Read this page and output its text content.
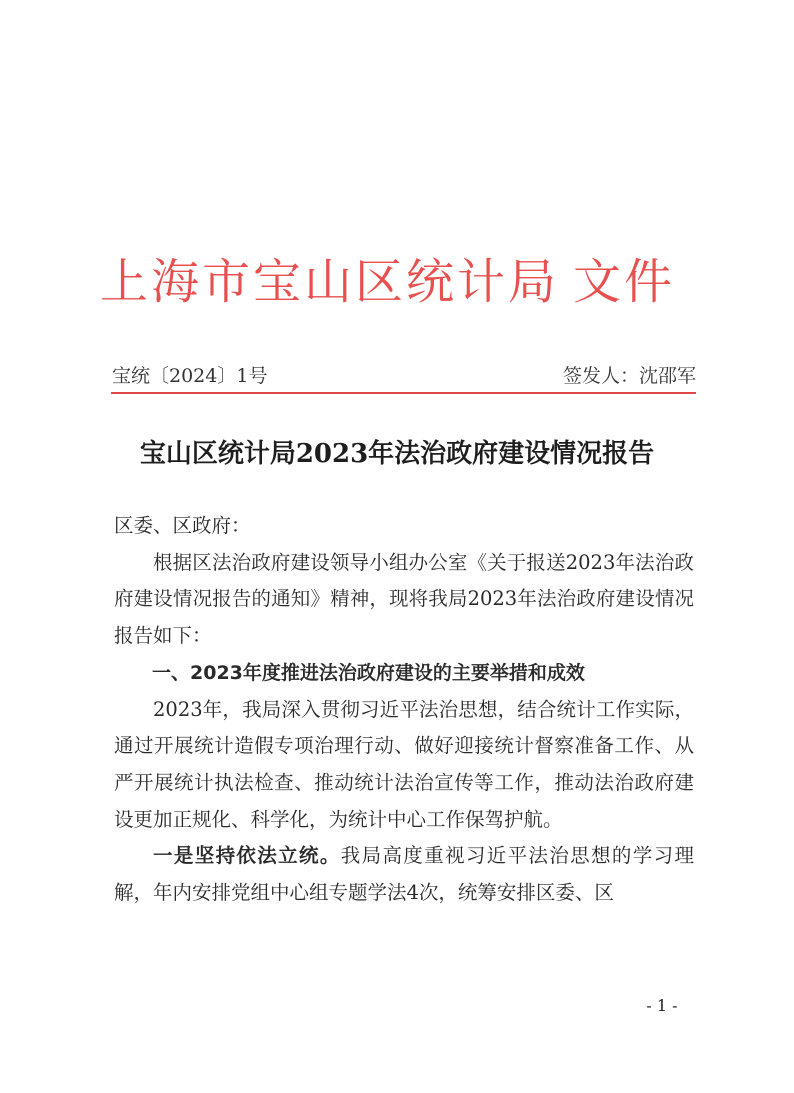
上海市宝山区统计局 文件
宝统〔2024〕1号	签发人：沈邵军
宝山区统计局2023年法治政府建设情况报告

区委、区政府：

根据区法治政府建设领导小组办公室《关于报送2023年法治政府建设情况报告的通知》精神，现将我局2023年法治政府建设情况报告如下：

一、2023年度推进法治政府建设的主要举措和成效

2023年，我局深入贯彻习近平法治思想，结合统计工作实际，通过开展统计造假专项治理行动、做好迎接统计督察准备工作、从严开展统计执法检查、推动统计法治宣传等工作，推动法治政府建设更加正规化、科学化，为统计中心工作保驾护航。

一是坚持依法立统。我局高度重视习近平法治思想的学习理解，年内安排党组中心组专题学法4次，统筹安排区委、区

- 1 -
